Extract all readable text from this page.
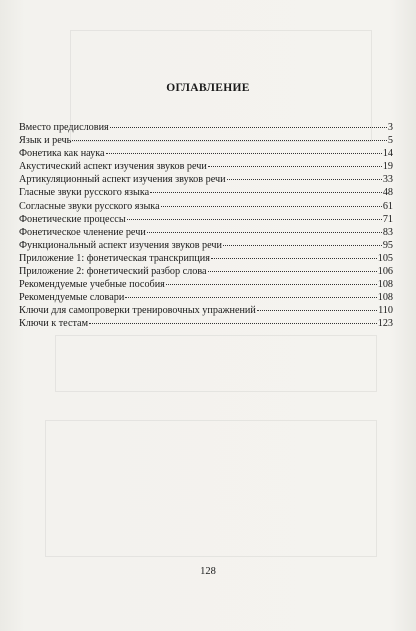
ОГЛАВЛЕНИЕ
Вместо предисловия	3
Язык и речь	5
Фонетика как наука	14
Акустический аспект изучения звуков речи	19
Артикуляционный аспект изучения звуков речи	33
Гласные звуки русского языка	48
Согласные звуки русского языка	61
Фонетические процессы	71
Фонетическое членение речи	83
Функциональный аспект изучения звуков речи	95
Приложение 1: фонетическая транскрипция	105
Приложение 2: фонетический разбор слова	106
Рекомендуемые учебные пособия	108
Рекомендуемые словари	108
Ключи для самопроверки тренировочных упражнений	110
Ключи к тестам	123
128
